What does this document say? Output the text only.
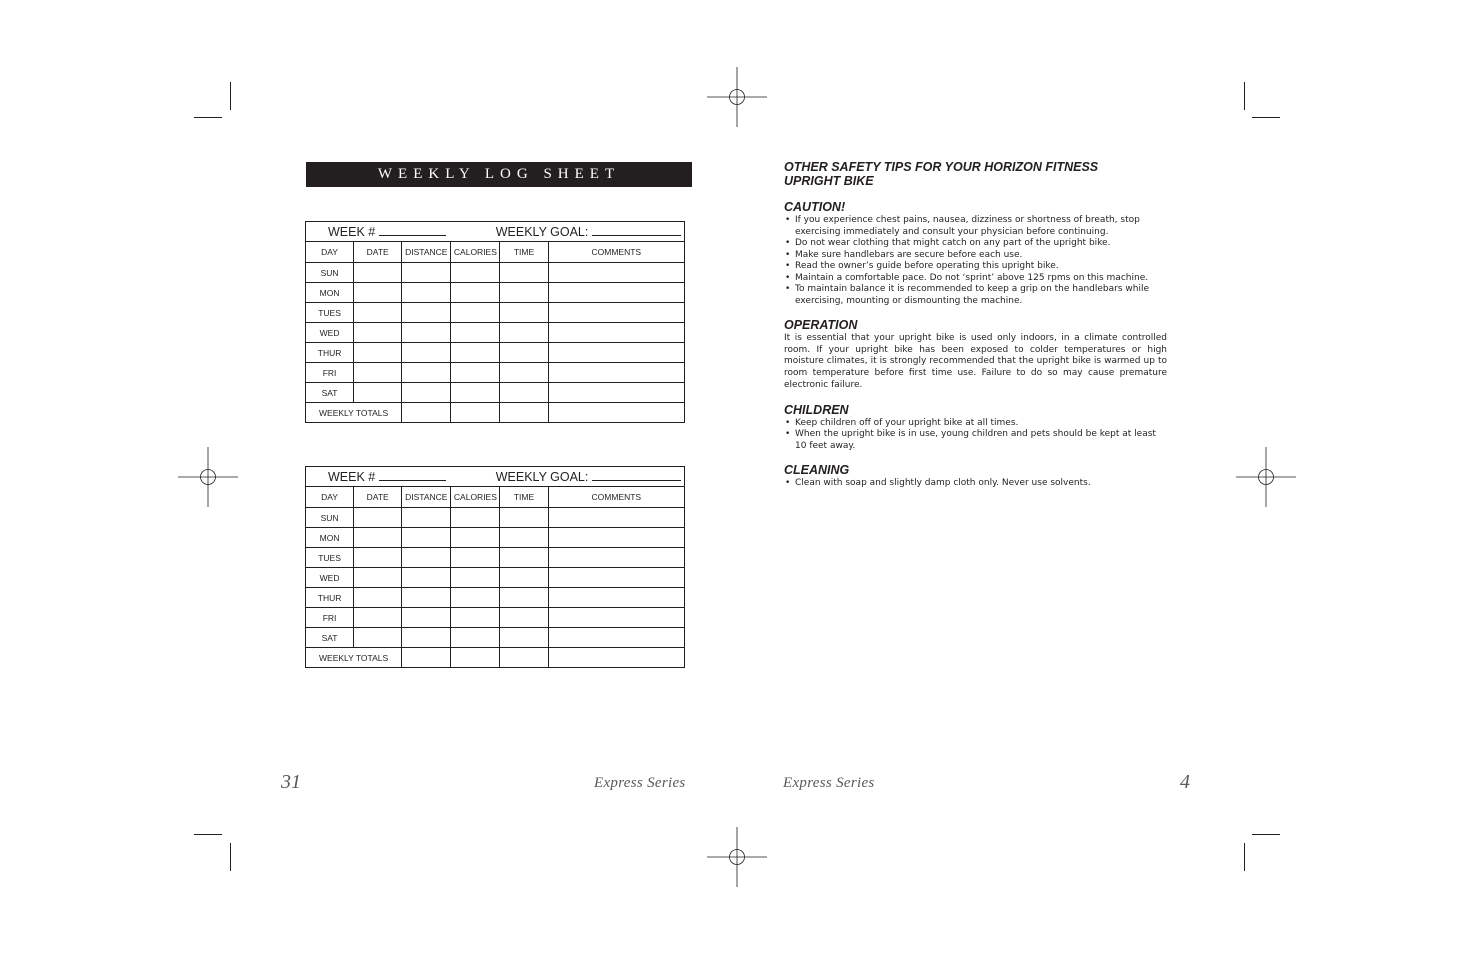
WEEKLY LOG SHEET
WEEK # WEEKLY GOAL:					
DAY	DATE	DISTANCE	CALORIES	TIME	COMMENTS
SUN					
MON					
TUES					
WED					
THUR					
FRI					
SAT					
WEEKLY TOTALS					
WEEK # WEEKLY GOAL:					
DAY	DATE	DISTANCE	CALORIES	TIME	COMMENTS
SUN					
MON					
TUES					
WED					
THUR					
FRI					
SAT					
WEEKLY TOTALS					
31	Express Series

OTHER SAFETY TIPS FOR YOUR HORIZON FITNESS

UPRIGHT BIKE

CAUTION!

• If you experience chest pains, nausea, dizziness or shortness of breath, stop exercising immediately and consult your physician before continuing.
• Do not wear clothing that might catch on any part of the upright bike.
• Make sure handlebars are secure before each use.
• Read the owner’s guide before operating this upright bike.
• Maintain a comfortable pace. Do not ‘sprint’ above 125 rpms on this machine.
• To maintain balance it is recommended to keep a grip on the handlebars while exercising, mounting or dismounting the machine.

OPERATION

It is essential that your upright bike is used only indoors, in a climate controlled room. If your upright bike has been exposed to colder temperatures or high moisture climates, it is strongly recommended that the upright bike is warmed up to room temperature before first time use. Failure to do so may cause premature electronic failure.

CHILDREN

• Keep children off of your upright bike at all times.
• When the upright bike is in use, young children and pets should be kept at least 10 feet away.

CLEANING

• Clean with soap and slightly damp cloth only. Never use solvents.
Express Series	4
